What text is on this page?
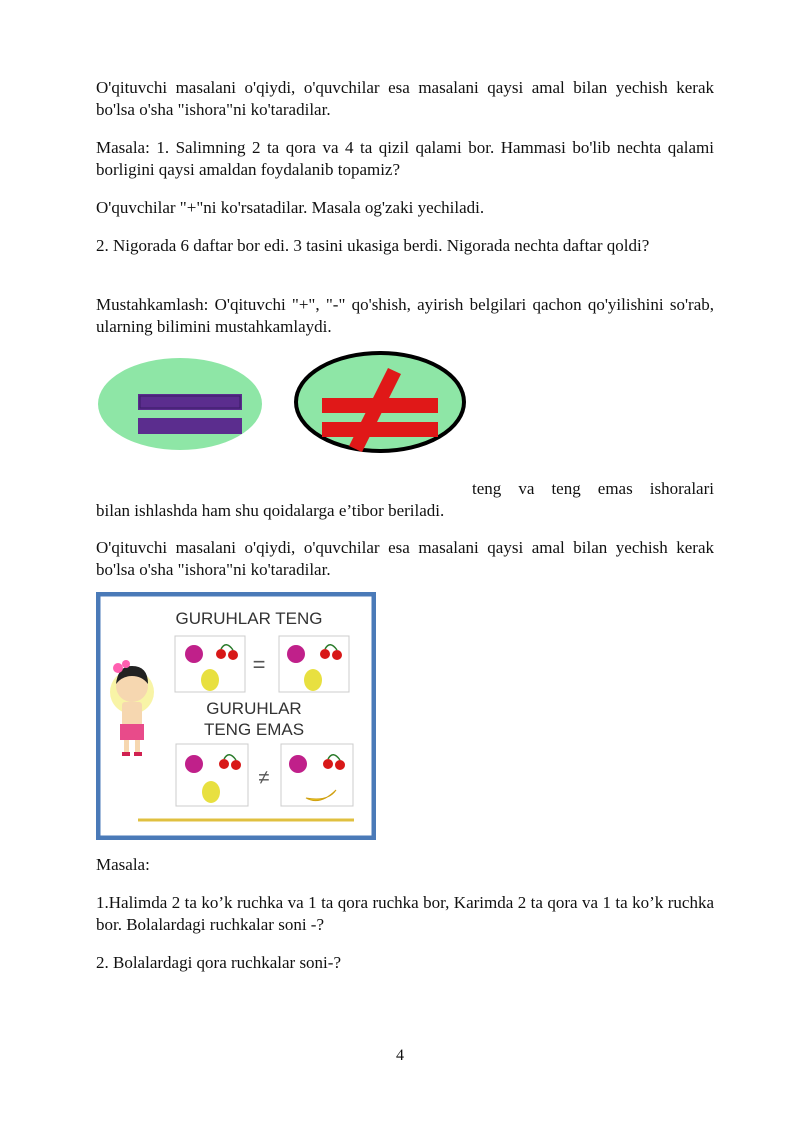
O'qituvchi masalani o'qiydi, o'quvchilar esa masalani qaysi amal bilan yechish kerak bo'lsa o'sha "ishora"ni ko'taradilar.

Masala: 1. Salimning 2 ta qora va 4 ta qizil qalami bor. Hammasi bo'lib nechta qalami borligini qaysi amaldan foydalanib topamiz?

O'quvchilar "+"ni ko'rsatadilar. Masala og'zaki yechiladi.

2. Nigorada 6 daftar bor edi. 3 tasini ukasiga berdi. Nigorada nechta daftar qoldi?

Mustahkamlash: O'qituvchi "+", "-" qo'shish, ayirish belgilari qachon qo'yilishini so'rab, ularning bilimini mustahkamlaydi.

teng va teng emas ishoralari

bilan ishlashda ham shu qoidalarga e’tibor beriladi.

O'qituvchi masalani o'qiydi, o'quvchilar esa masalani qaysi amal bilan yechish kerak bo'lsa o'sha "ishora"ni ko'taradilar.

GURUHLAR TENG
=
GURUHLAR
TENG EMAS
≠

Masala:

1.Halimda 2 ta ko’k ruchka va 1 ta qora ruchka bor, Karimda 2 ta qora va 1 ta ko’k ruchka bor. Bolalardagi ruchkalar soni -?

2. Bolalardagi qora ruchkalar soni-?

4
